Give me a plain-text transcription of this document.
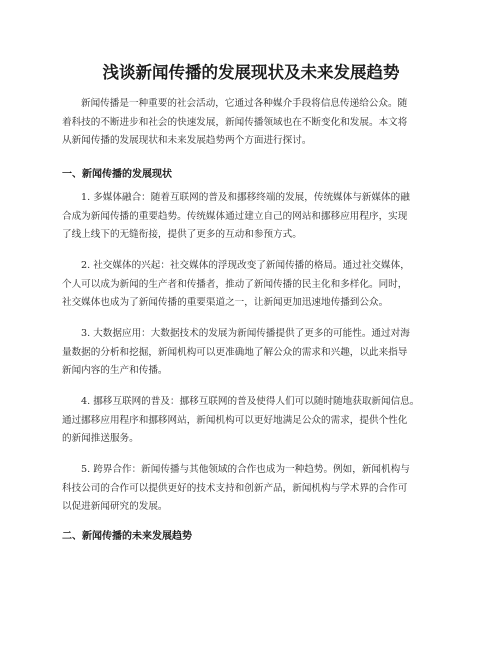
浅谈新闻传播的发展现状及未来发展趋势
新闻传播是一种重要的社会活动，它通过各种媒介手段将信息传递给公众。随
着科技的不断进步和社会的快速发展，新闻传播领域也在不断变化和发展。本文将
从新闻传播的发展现状和未来发展趋势两个方面进行探讨。
一、新闻传播的发展现状
1. 多媒体融合：随着互联网的普及和挪移终端的发展，传统媒体与新媒体的融
合成为新闻传播的重要趋势。传统媒体通过建立自己的网站和挪移应用程序，实现
了线上线下的无缝衔接，提供了更多的互动和参预方式。
2. 社交媒体的兴起：社交媒体的浮现改变了新闻传播的格局。通过社交媒体，
个人可以成为新闻的生产者和传播者，推动了新闻传播的民主化和多样化。同时，
社交媒体也成为了新闻传播的重要渠道之一，让新闻更加迅速地传播到公众。
3. 大数据应用：大数据技术的发展为新闻传播提供了更多的可能性。通过对海
量数据的分析和挖掘，新闻机构可以更准确地了解公众的需求和兴趣，以此来指导
新闻内容的生产和传播。
4. 挪移互联网的普及：挪移互联网的普及使得人们可以随时随地获取新闻信息。
通过挪移应用程序和挪移网站，新闻机构可以更好地满足公众的需求，提供个性化
的新闻推送服务。
5. 跨界合作：新闻传播与其他领域的合作也成为一种趋势。例如，新闻机构与
科技公司的合作可以提供更好的技术支持和创新产品，新闻机构与学术界的合作可
以促进新闻研究的发展。
二、新闻传播的未来发展趋势
